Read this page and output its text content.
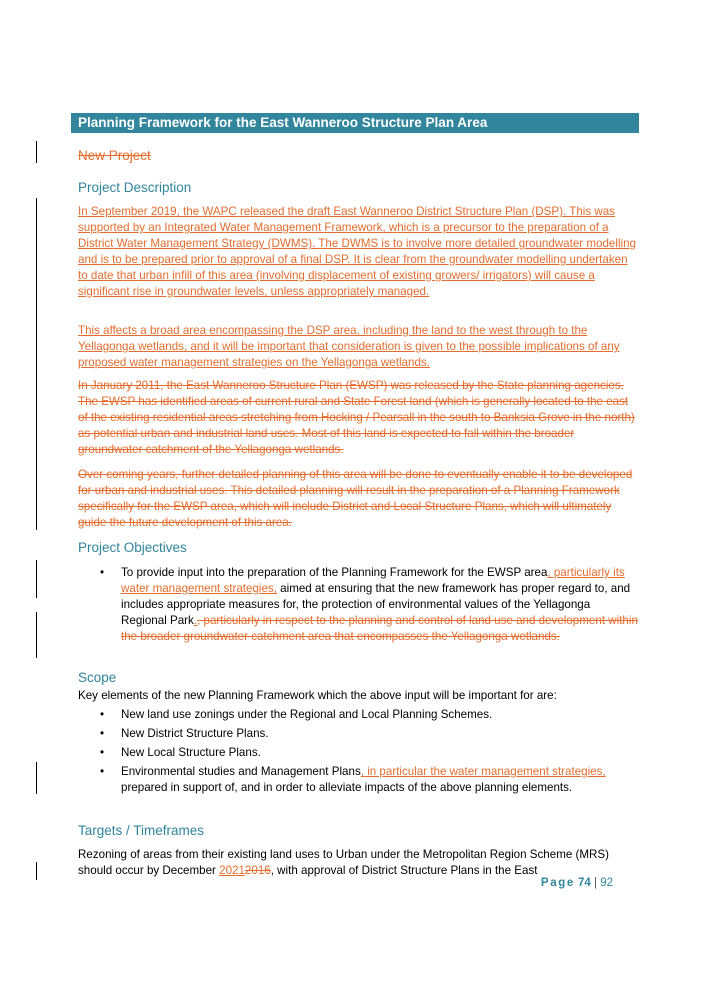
Planning Framework for the East Wanneroo Structure Plan Area
New Project
Project Description

In September 2019, the WAPC released the draft East Wanneroo District Structure Plan (DSP). This was supported by an Integrated Water Management Framework, which is a precursor to the preparation of a District Water Management Strategy (DWMS). The DWMS is to involve more detailed groundwater modelling and is to be prepared prior to approval of a final DSP. It is clear from the groundwater modelling undertaken to date that urban infill of this area (involving displacement of existing growers/ irrigators) will cause a significant rise in groundwater levels, unless appropriately managed.

This affects a broad area encompassing the DSP area, including the land to the west through to the Yellagonga wetlands, and it will be important that consideration is given to the possible implications of any proposed water management strategies on the Yellagonga wetlands.

In January 2011, the East Wanneroo Structure Plan (EWSP) was released by the State planning agencies. The EWSP has identified areas of current rural and State Forest land (which is generally located to the east of the existing residential areas stretching from Hocking / Pearsall in the south to Banksia Grove in the north) as potential urban and industrial land uses. Most of this land is expected to fall within the broader groundwater catchment of the Yellagonga wetlands.

Over coming years, further detailed planning of this area will be done to eventually enable it to be developed for urban and industrial uses. This detailed planning will result in the preparation of a Planning Framework specifically for the EWSP area, which will include District and Local Structure Plans, which will ultimately guide the future development of this area.

Project Objectives
• To provide input into the preparation of the Planning Framework for the EWSP area, particularly its water management strategies, aimed at ensuring that the new framework has proper regard to, and includes appropriate measures for, the protection of environmental values of the Yellagonga Regional Park., particularly in respect to the planning and control of land use and development within the broader groundwater catchment area that encompasses the Yellagonga wetlands.
Scope

Key elements of the new Planning Framework which the above input will be important for are:

• New land use zonings under the Regional and Local Planning Schemes.
• New District Structure Plans.
• New Local Structure Plans.
• Environmental studies and Management Plans, in particular the water management strategies, prepared in support of, and in order to alleviate impacts of the above planning elements.
Targets / Timeframes

Rezoning of areas from their existing land uses to Urban under the Metropolitan Region Scheme (MRS) should occur by December 20212016, with approval of District Structure Plans in the East

Page 74 | 92
